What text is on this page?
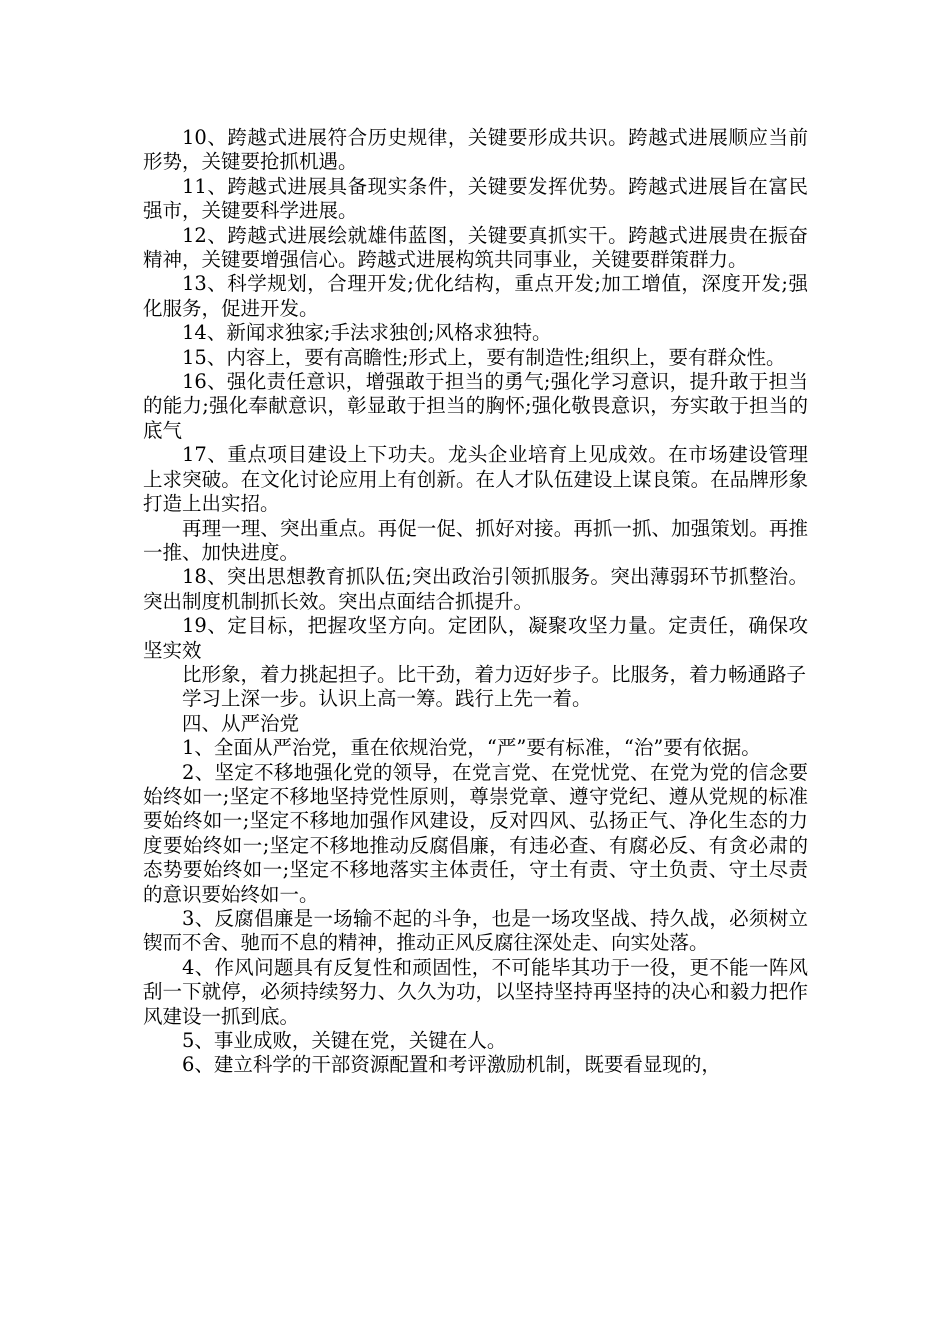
10、跨越式进展符合历史规律，关键要形成共识。跨越式进展顺应当前形势，关键要抢抓机遇。

11、跨越式进展具备现实条件，关键要发挥优势。跨越式进展旨在富民强市，关键要科学进展。

12、跨越式进展绘就雄伟蓝图，关键要真抓实干。跨越式进展贵在振奋精神，关键要增强信心。跨越式进展构筑共同事业，关键要群策群力。

13、科学规划，合理开发;优化结构，重点开发;加工增值，深度开发;强化服务，促进开发。

14、新闻求独家;手法求独创;风格求独特。

15、内容上，要有高瞻性;形式上，要有制造性;组织上，要有群众性。

16、强化责任意识，增强敢于担当的勇气;强化学习意识，提升敢于担当的能力;强化奉献意识，彰显敢于担当的胸怀;强化敬畏意识，夯实敢于担当的底气

17、重点项目建设上下功夫。龙头企业培育上见成效。在市场建设管理上求突破。在文化讨论应用上有创新。在人才队伍建设上谋良策。在品牌形象打造上出实招。

再理一理、突出重点。再促一促、抓好对接。再抓一抓、加强策划。再推一推、加快进度。

18、突出思想教育抓队伍;突出政治引领抓服务。突出薄弱环节抓整治。突出制度机制抓长效。突出点面结合抓提升。

19、定目标，把握攻坚方向。定团队，凝聚攻坚力量。定责任，确保攻坚实效

比形象，着力挑起担子。比干劲，着力迈好步子。比服务，着力畅通路子

学习上深一步。认识上高一筹。践行上先一着。

四、从严治党

1、全面从严治党，重在依规治党，“严”要有标准，“治”要有依据。

2、坚定不移地强化党的领导，在党言党、在党忧党、在党为党的信念要始终如一;坚定不移地坚持党性原则，尊崇党章、遵守党纪、遵从党规的标准要始终如一;坚定不移地加强作风建设，反对四风、弘扬正气、净化生态的力度要始终如一;坚定不移地推动反腐倡廉，有违必查、有腐必反、有贪必肃的态势要始终如一;坚定不移地落实主体责任，守土有责、守土负责、守土尽责的意识要始终如一。

3、反腐倡廉是一场输不起的斗争，也是一场攻坚战、持久战，必须树立锲而不舍、驰而不息的精神，推动正风反腐往深处走、向实处落。

4、作风问题具有反复性和顽固性，不可能毕其功于一役，更不能一阵风刮一下就停，必须持续努力、久久为功，以坚持坚持再坚持的决心和毅力把作风建设一抓到底。

5、事业成败，关键在党，关键在人。

6、建立科学的干部资源配置和考评激励机制，既要看显现的，
